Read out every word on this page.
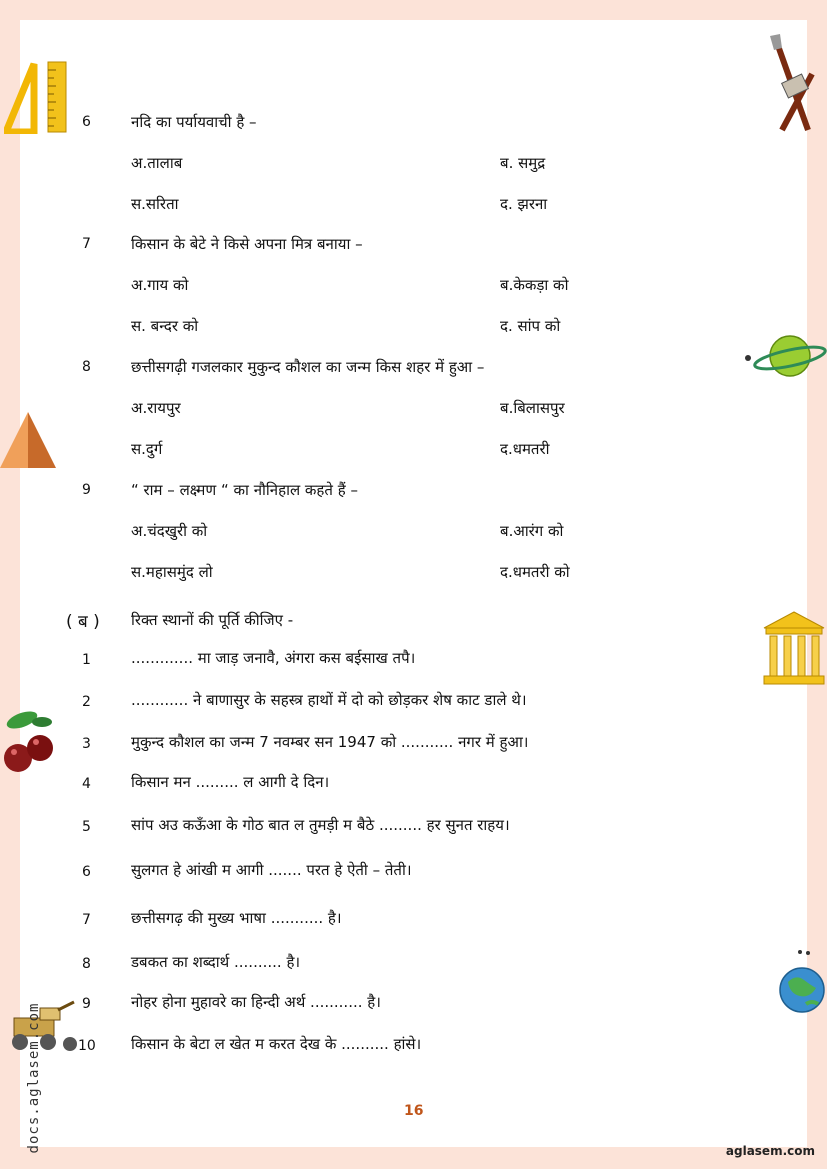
6	नदि का पर्यायवाची है –
अ.तालाब	ब. समुद्र
स.सरिता	द. झरना
7	किसान के बेटे ने किसे अपना मित्र बनाया –
अ.गाय को	ब.केकड़ा को
स. बन्दर को	द. सांप को
8	छत्तीसगढ़ी गजलकार मुकुन्द कौशल का जन्म किस शहर में हुआ –
अ.रायपुर	ब.बिलासपुर
स.दुर्ग	द.धमतरी
9	“ राम – लक्ष्मण “ का नौनिहाल कहते हैं –
अ.चंदखुरी को	ब.आरंग को
स.महासमुंद लो	द.धमतरी को
( ब ) रिक्त स्थानों की पूर्ति कीजिए -
1	............. मा जाड़ जनावै, अंगरा कस बईसाख तपै।
2	............ ने बाणासुर के सहस्त्र हाथों में दो को छोड़कर शेष काट डाले थे।
3	मुकुन्द कौशल का जन्म 7 नवम्बर सन 1947 को ........... नगर में हुआ।
4	किसान मन ......... ल आगी दे दिन।
5	सांप अउ कऊँआ के गोठ बात ल तुमड़ी म बैठे ......... हर सुनत राहय।
6	सुलगत हे आंखी म आगी ....... परत हे ऐती – तेती।
7	छत्तीसगढ़ की मुख्य भाषा ........... है।
8	डबकत का शब्दार्थ .......... है।
9	नोहर होना मुहावरे का हिन्दी अर्थ ........... है।
10 किसान के बेटा ल खेत म करत देख के .......... हांसे।
16
aglasem.com
docs.aglasem.com
